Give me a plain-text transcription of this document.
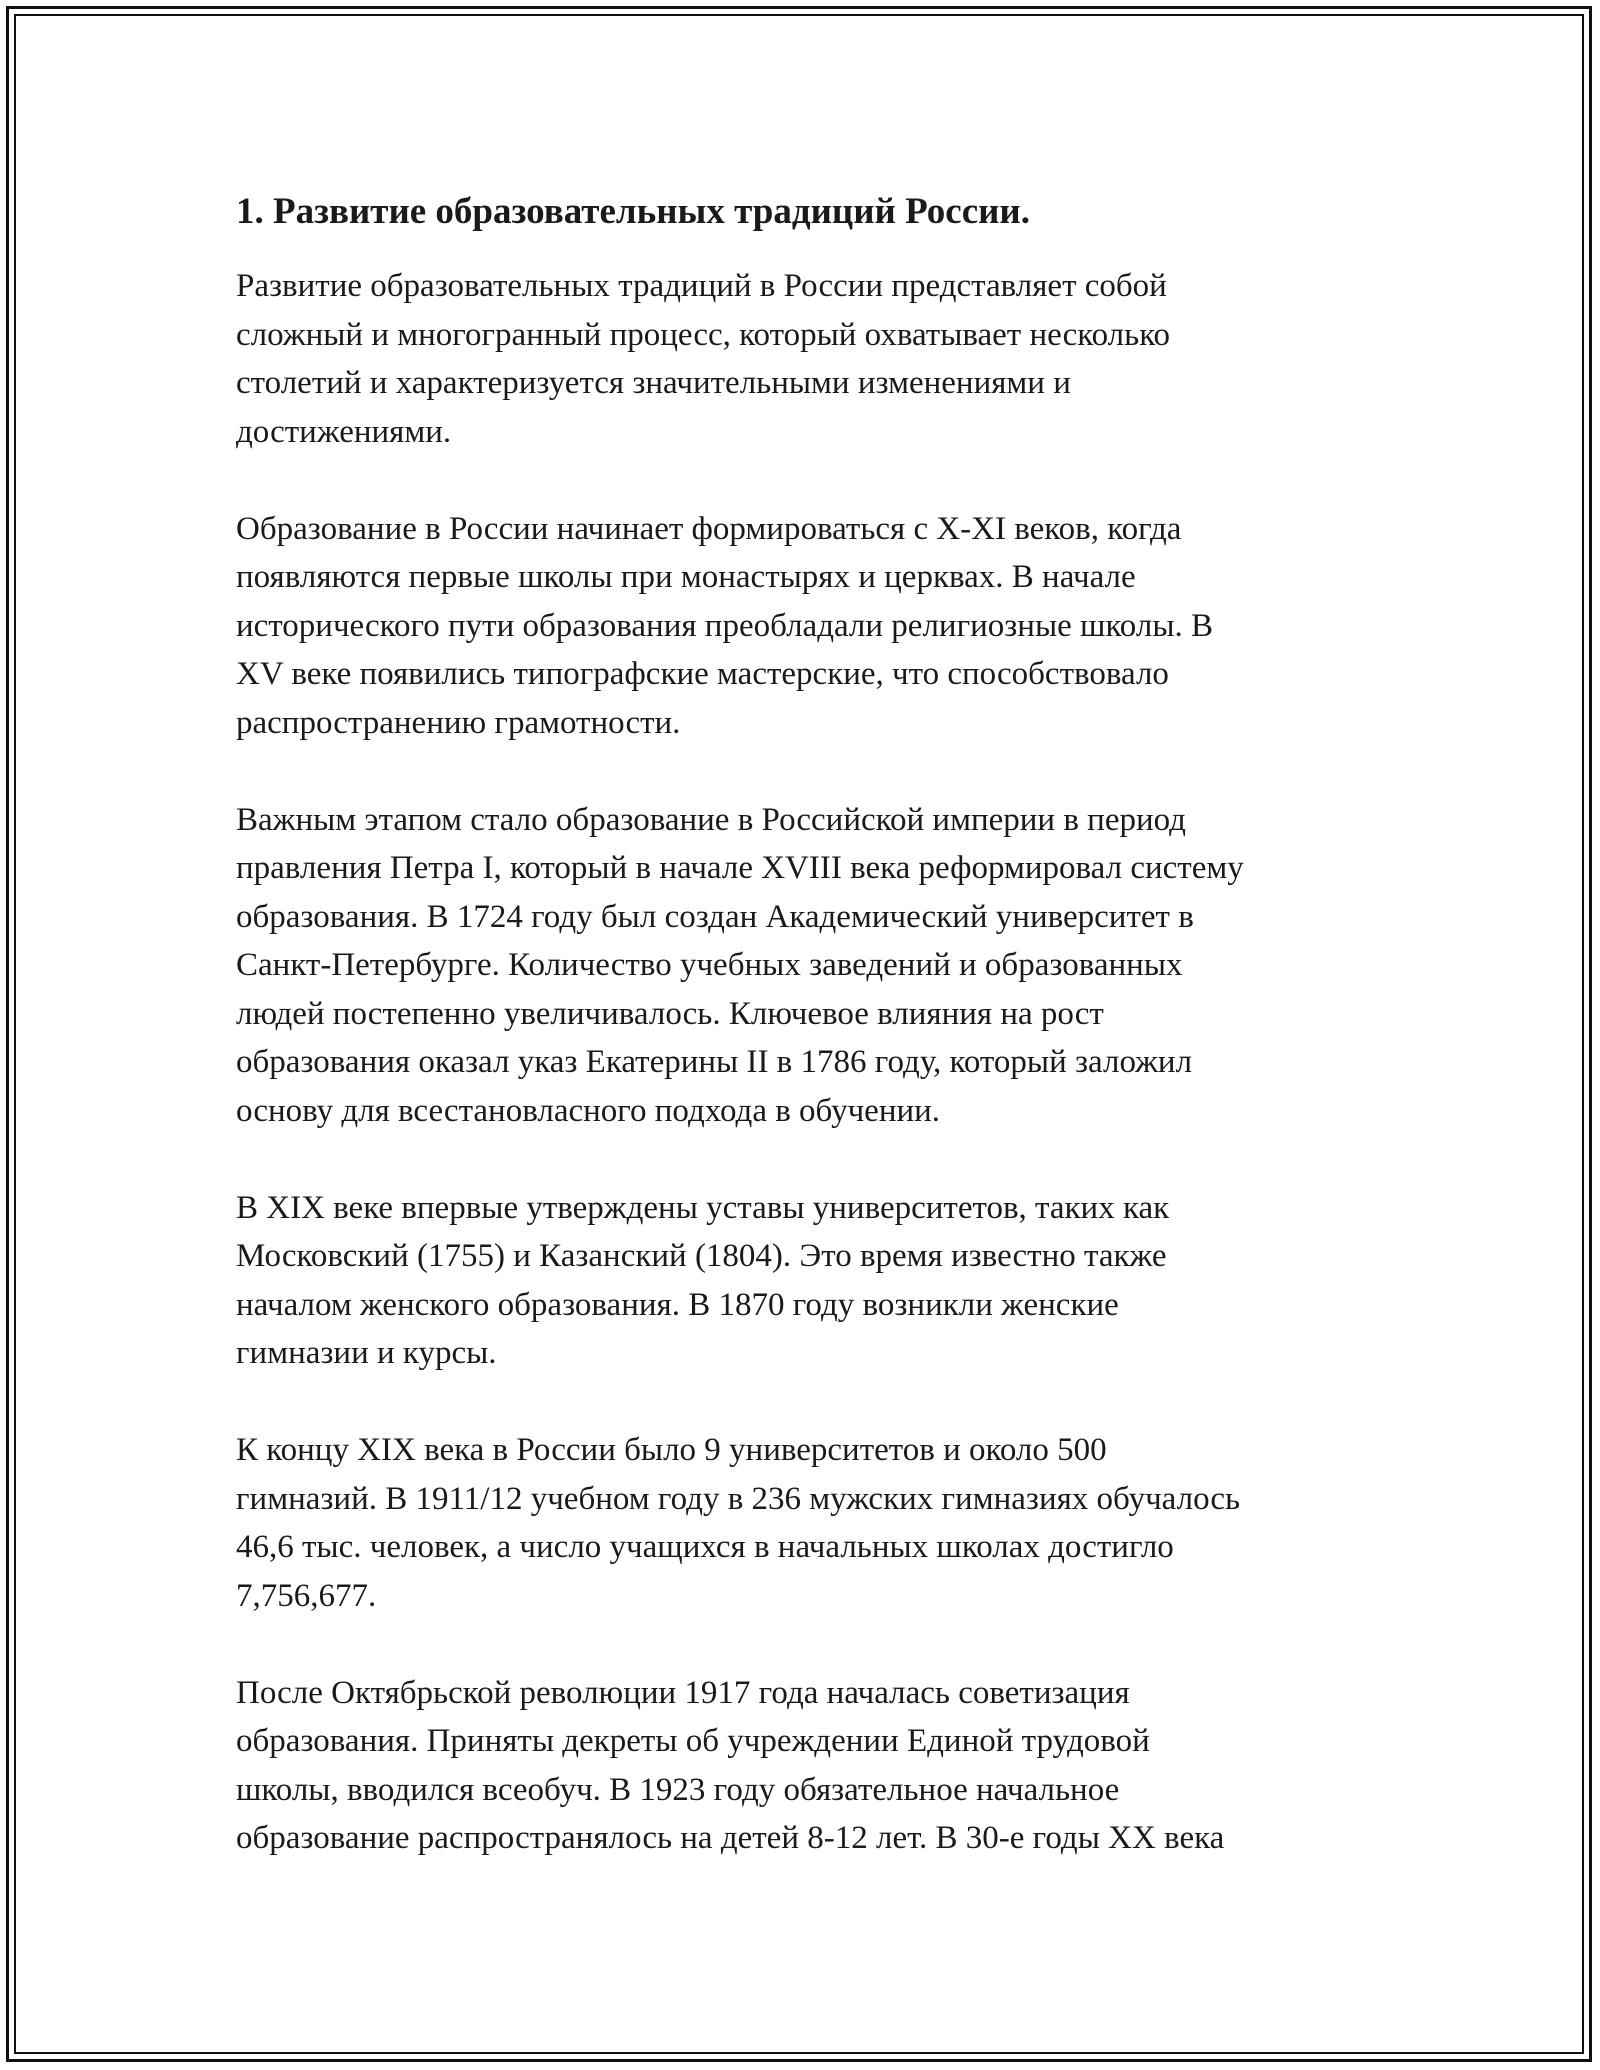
1. Развитие образовательных традиций России.
Развитие образовательных традиций в России представляет собой
сложный и многогранный процесс, который охватывает несколько
столетий и характеризуется значительными изменениями и
достижениями.
Образование в России начинает формироваться с X-XI веков, когда
появляются первые школы при монастырях и церквах. В начале
исторического пути образования преобладали религиозные школы. В
XV веке появились типографские мастерские, что способствовало
распространению грамотности.
Важным этапом стало образование в Российской империи в период
правления Петра I, который в начале XVIII века реформировал систему
образования. В 1724 году был создан Академический университет в
Санкт-Петербурге. Количество учебных заведений и образованных
людей постепенно увеличивалось. Ключевое влияния на рост
образования оказал указ Екатерины II в 1786 году, который заложил
основу для всестановласного подхода в обучении.
В XIX веке впервые утверждены уставы университетов, таких как
Московский (1755) и Казанский (1804). Это время известно также
началом женского образования. В 1870 году возникли женские
гимназии и курсы.
К концу XIX века в России было 9 университетов и около 500
гимназий. В 1911/12 учебном году в 236 мужских гимназиях обучалось
46,6 тыс. человек, а число учащихся в начальных школах достигло
7,756,677.
После Октябрьской революции 1917 года началась советизация
образования. Приняты декреты об учреждении Единой трудовой
школы, вводился всеобуч. В 1923 году обязательное начальное
образование распространялось на детей 8-12 лет. В 30-е годы XX века
